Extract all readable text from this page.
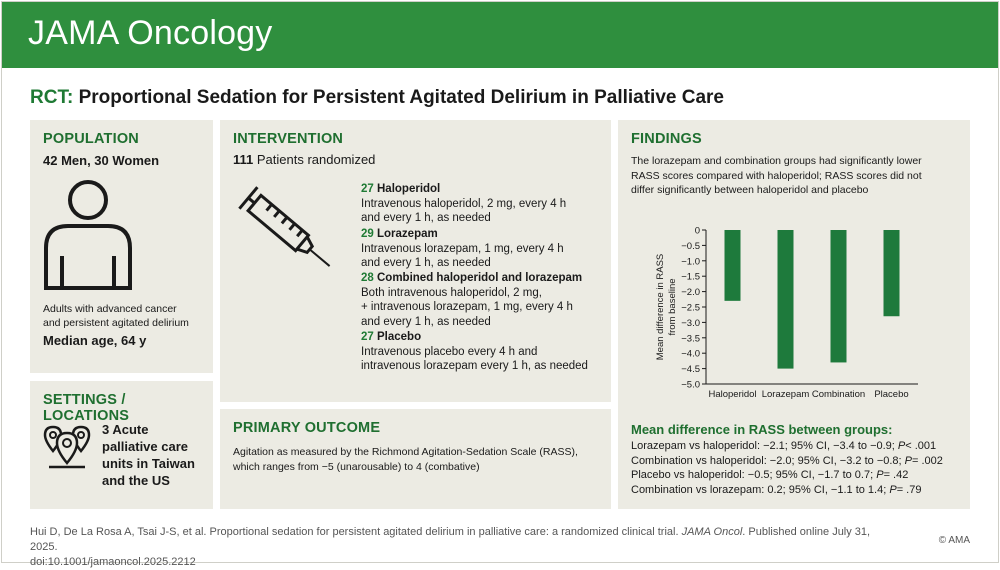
JAMA Oncology
RCT: Proportional Sedation for Persistent Agitated Delirium in Palliative Care
POPULATION
42 Men, 30 Women
Adults with advanced cancer
and persistent agitated delirium
Median age, 64 y
SETTINGS / LOCATIONS
3 Acute
palliative care
units in Taiwan
and the US
INTERVENTION
111 Patients randomized
27 Haloperidol
Intravenous haloperidol, 2 mg, every 4 h
and every 1 h, as needed
29 Lorazepam
Intravenous lorazepam, 1 mg, every 4 h
and every 1 h, as needed
28 Combined haloperidol and lorazepam
Both intravenous haloperidol, 2 mg,
+ intravenous lorazepam, 1 mg, every 4 h
and every 1 h, as needed
27 Placebo
Intravenous placebo every 4 h and
intravenous lorazepam every 1 h, as needed
PRIMARY OUTCOME
Agitation as measured by the Richmond Agitation-Sedation Scale (RASS),
which ranges from −5 (unarousable) to 4 (combative)
FINDINGS
The lorazepam and combination groups had significantly lower
RASS scores compared with haloperidol; RASS scores did not
differ significantly between haloperidol and placebo
0
−0.5
−1.0
−1.5
−2.0
−2.5
−3.0
−3.5
−4.0
−4.5
−5.0
Mean difference in RASS from baseline
Haloperidol Lorazepam Combination Placebo
Mean difference in RASS between groups:
Lorazepam vs haloperidol: −2.1; 95% CI, −3.4 to −0.9; P< .001
Combination vs haloperidol: −2.0; 95% CI, −3.2 to −0.8; P= .002
Placebo vs haloperidol: −0.5; 95% CI, −1.7 to 0.7; P= .42
Combination vs lorazepam: 0.2; 95% CI, −1.1 to 1.4; P= .79
Hui D, De La Rosa A, Tsai J-S, et al. Proportional sedation for persistent agitated delirium in palliative care: a randomized clinical trial. JAMA Oncol. Published online July 31, 2025.
doi:10.1001/jamaoncol.2025.2212
© AMA
